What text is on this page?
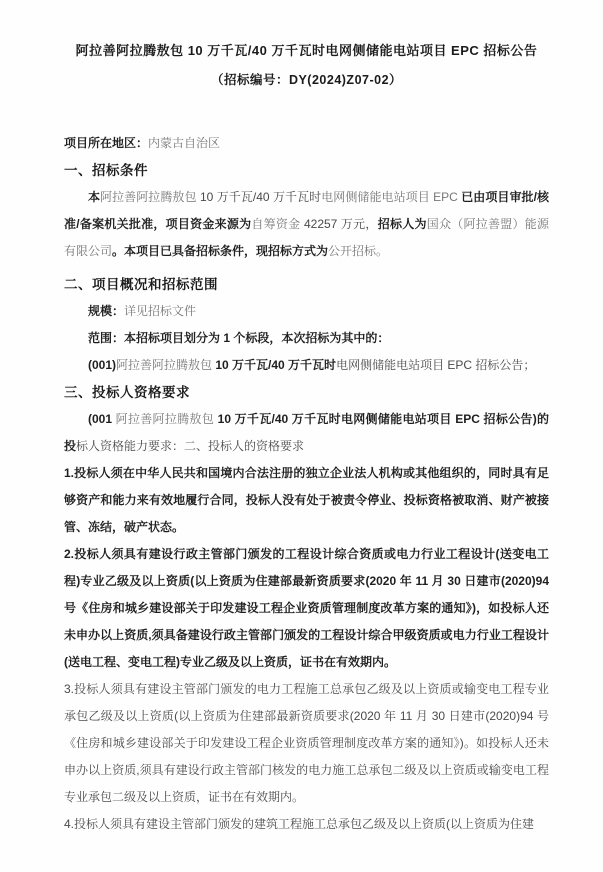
阿拉善阿拉腾敖包 10 万千瓦/40 万千瓦时电网侧储能电站项目 EPC 招标公告
（招标编号：DY(2024)Z07-02）
项目所在地区：内蒙古自治区
一、招标条件
本阿拉善阿拉腾敖包 10 万千瓦/40 万千瓦时电网侧储能电站项目 EPC 已由项目审批/核准/备案机关批准，项目资金来源为自筹资金 42257 万元，招标人为国众（阿拉善盟）能源有限公司。本项目已具备招标条件，现招标方式为公开招标。
二、项目概况和招标范围
规模：详见招标文件
范围：本招标项目划分为 1 个标段，本次招标为其中的：
(001)阿拉善阿拉腾敖包 10 万千瓦/40 万千瓦时电网侧储能电站项目 EPC 招标公告；
三、投标人资格要求
(001 阿拉善阿拉腾敖包 10 万千瓦/40 万千瓦时电网侧储能电站项目 EPC 招标公告)的投标人资格能力要求：二、投标人的资格要求
1.投标人须在中华人民共和国境内合法注册的独立企业法人机构或其他组织的，同时具有足够资产和能力来有效地履行合同，投标人没有处于被责令停业、投标资格被取消、财产被接管、冻结，破产状态。
2.投标人须具有建设行政主管部门颁发的工程设计综合资质或电力行业工程设计(送变电工程)专业乙级及以上资质(以上资质为住建部最新资质要求(2020 年 11 月 30 日建市(2020)94 号《住房和城乡建设部关于印发建设工程企业资质管理制度改革方案的通知》)，如投标人还未申办以上资质,须具备建设行政主管部门颁发的工程设计综合甲级资质或电力行业工程设计(送电工程、变电工程)专业乙级及以上资质，证书在有效期内。
3.投标人须具有建设主管部门颁发的电力工程施工总承包乙级及以上资质或输变电工程专业承包乙级及以上资质(以上资质为住建部最新资质要求(2020 年 11 月 30 日建市(2020)94 号《住房和城乡建设部关于印发建设工程企业资质管理制度改革方案的通知》)。如投标人还未申办以上资质,须具有建设行政主管部门核发的电力施工总承包二级及以上资质或输变电工程专业承包二级及以上资质，证书在有效期内。
4.投标人须具有建设主管部门颁发的建筑工程施工总承包乙级及以上资质(以上资质为住建
